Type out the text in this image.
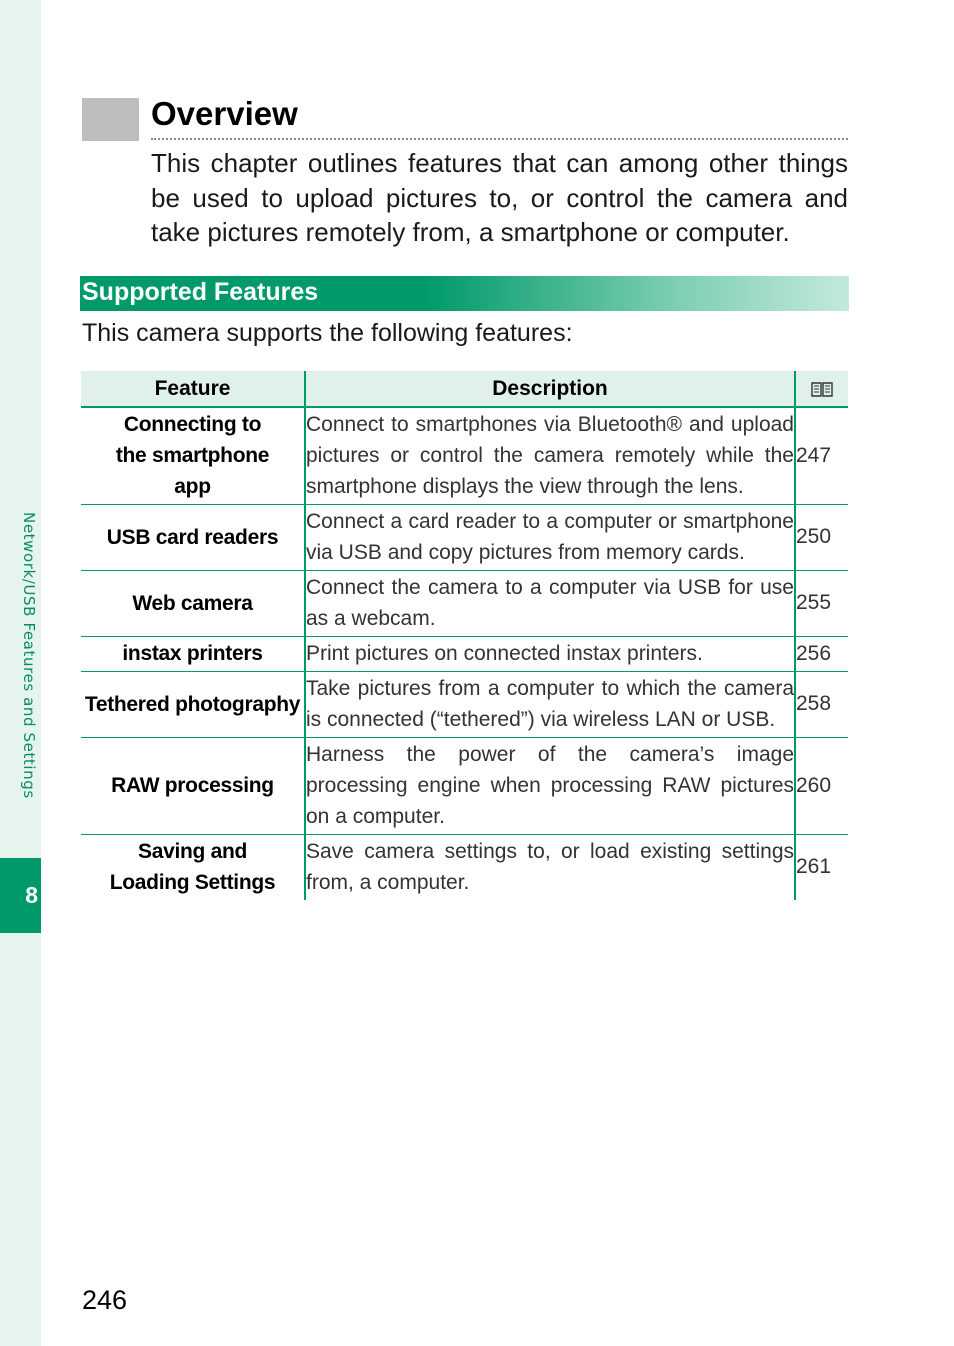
Network/USB Features and Settings
8
Overview

This chapter outlines features that can among other things be used to upload pictures to, or control the camera and take pictures remotely from, a smartphone or computer.

Supported Features

This camera supports the following features:

Feature	Description	
Connecting to the smartphone app	Connect to smartphones via Bluetooth® and upload pictures or control the camera remotely while the smartphone displays the view through the lens.	247
USB card readers	Connect a card reader to a computer or smartphone via USB and copy pictures from memory cards.	250
Web camera	Connect the camera to a computer via USB for use as a webcam.	255
instax printers	Print pictures on connected instax printers.	256
Tethered photography	Take pictures from a computer to which the camera is connected (“tethered”) via wireless LAN or USB.	258
RAW processing	Harness the power of the camera’s image processing engine when processing RAW pictures on a computer.	260
Saving and Loading Settings	Save camera settings to, or load existing settings from, a computer.	261
246
